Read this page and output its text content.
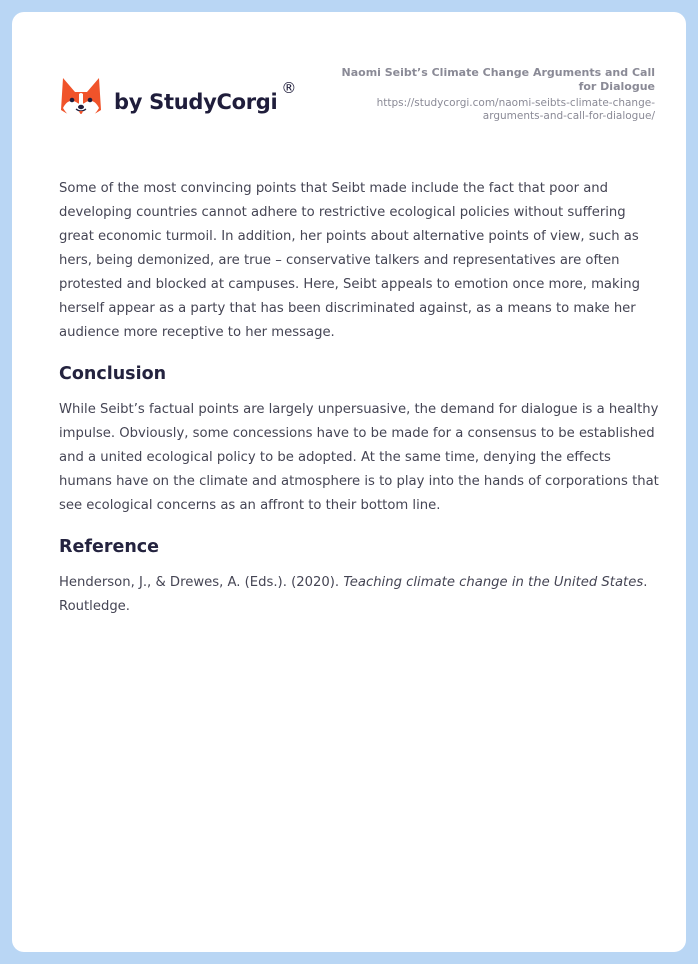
by StudyCorgi
®
Naomi Seibt’s Climate Change Arguments and Call for Dialogue
https://studycorgi.com/naomi-seibts-climate-change-arguments-and-call-for-dialogue/

Some of the most convincing points that Seibt made include the fact that poor and developing countries cannot adhere to restrictive ecological policies without suffering great economic turmoil. In addition, her points about alternative points of view, such as hers, being demonized, are true – conservative talkers and representatives are often protested and blocked at campuses. Here, Seibt appeals to emotion once more, making herself appear as a party that has been discriminated against, as a means to make her audience more receptive to her message.

Conclusion

While Seibt’s factual points are largely unpersuasive, the demand for dialogue is a healthy impulse. Obviously, some concessions have to be made for a consensus to be established and a united ecological policy to be adopted. At the same time, denying the effects humans have on the climate and atmosphere is to play into the hands of corporations that see ecological concerns as an affront to their bottom line.

Reference

Henderson, J., & Drewes, A. (Eds.). (2020). Teaching climate change in the United States. Routledge.
